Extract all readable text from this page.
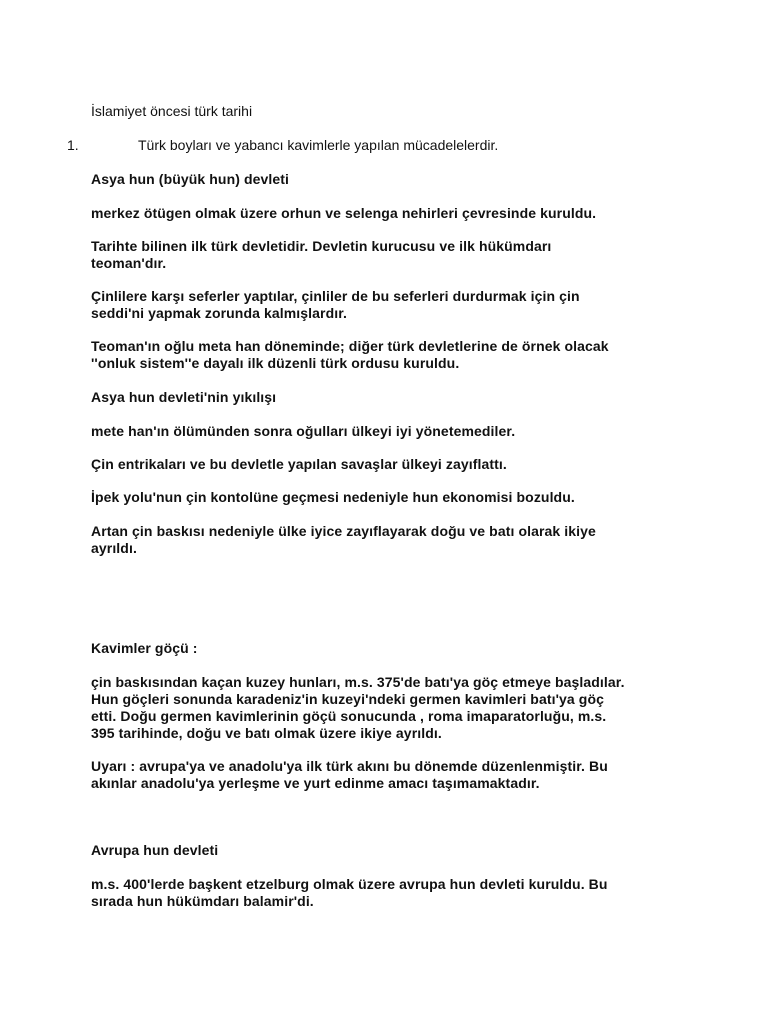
İslamiyet öncesi türk tarihi
1.	Türk boyları ve yabancı kavimlerle yapılan mücadelelerdir.
Asya hun (büyük hun) devleti
merkez ötügen olmak üzere orhun ve selenga nehirleri çevresinde kuruldu.
Tarihte bilinen ilk türk devletidir. Devletin kurucusu ve ilk hükümdarı
teoman'dır.
Çinlilere karşı seferler yaptılar, çinliler de bu seferleri durdurmak için çin
seddi'ni yapmak zorunda kalmışlardır.
Teoman'ın oğlu meta han döneminde; diğer türk devletlerine de örnek olacak
''onluk sistem''e dayalı ilk düzenli türk ordusu kuruldu.
Asya hun devleti'nin yıkılışı
mete han'ın ölümünden sonra oğulları ülkeyi iyi yönetemediler.
Çin entrikaları ve bu devletle yapılan savaşlar ülkeyi zayıflattı.
İpek yolu'nun çin kontolüne geçmesi nedeniyle hun ekonomisi bozuldu.
Artan çin baskısı nedeniyle ülke iyice zayıflayarak doğu ve batı olarak ikiye
ayrıldı.
Kavimler göçü :
çin baskısından kaçan kuzey hunları, m.s. 375'de batı'ya göç etmeye başladılar.
Hun göçleri sonunda karadeniz'in kuzeyi'ndeki germen kavimleri batı'ya göç
etti. Doğu germen kavimlerinin göçü sonucunda , roma imaparatorluğu, m.s.
395 tarihinde, doğu ve batı olmak üzere ikiye ayrıldı.
Uyarı : avrupa'ya ve anadolu'ya ilk türk akını bu dönemde düzenlenmiştir. Bu
akınlar anadolu'ya yerleşme ve yurt edinme amacı taşımamaktadır.
Avrupa hun devleti
m.s. 400'lerde başkent etzelburg olmak üzere avrupa hun devleti kuruldu. Bu
sırada hun hükümdarı balamir'di.
